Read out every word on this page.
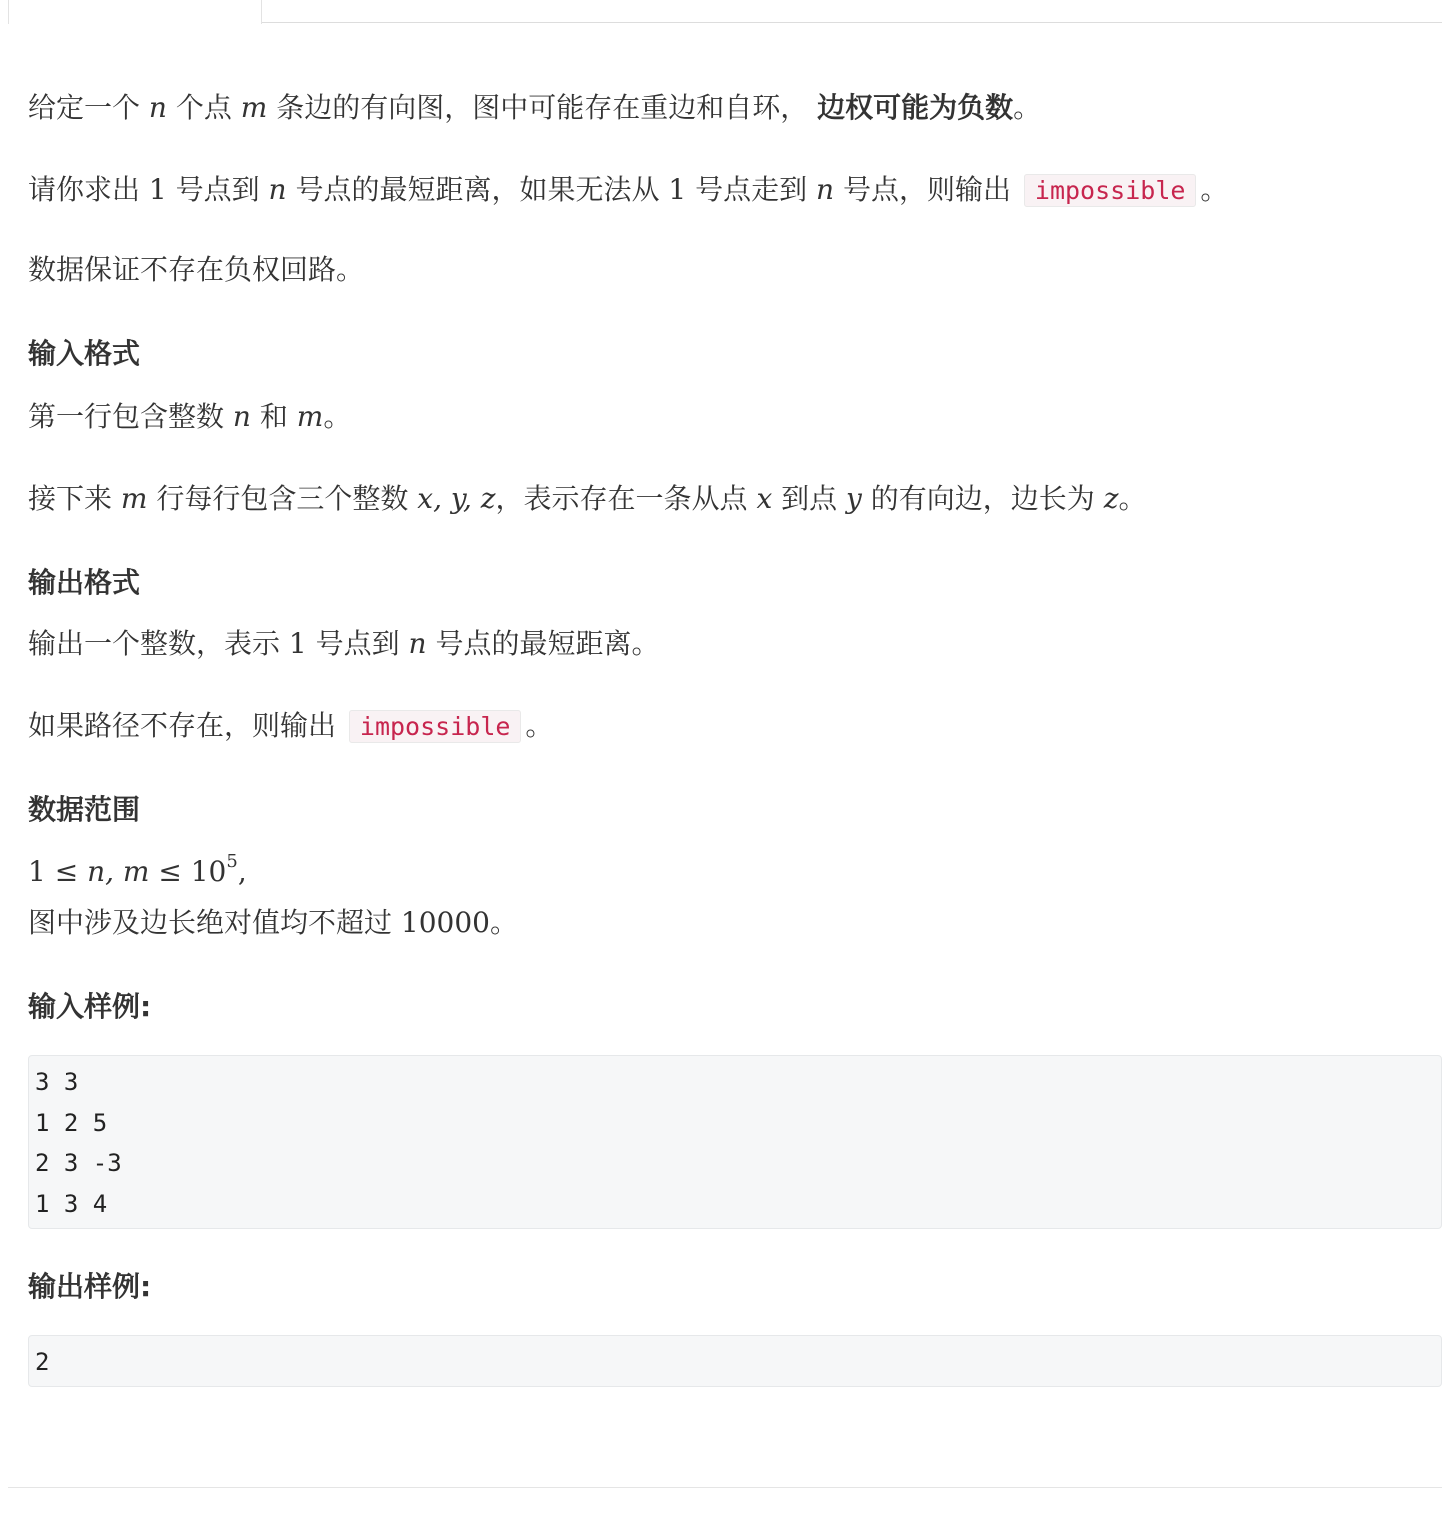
给定一个 n 个点 m 条边的有向图，图中可能存在重边和自环， 边权可能为负数。
请你求出 1 号点到 n 号点的最短距离，如果无法从 1 号点走到 n 号点，则输出 impossible 。
数据保证不存在负权回路。
输入格式
第一行包含整数 n 和 m。
接下来 m 行每行包含三个整数 x, y, z，表示存在一条从点 x 到点 y 的有向边，边长为 z。
输出格式
输出一个整数，表示 1 号点到 n 号点的最短距离。
如果路径不存在，则输出 impossible 。
数据范围
1 ≤ n, $m \le 10^5$,
图中涉及边长绝对值均不超过 10000。
输入样例:
3 3
1 2 5
2 3 -3
1 3 4
输出样例:
2
